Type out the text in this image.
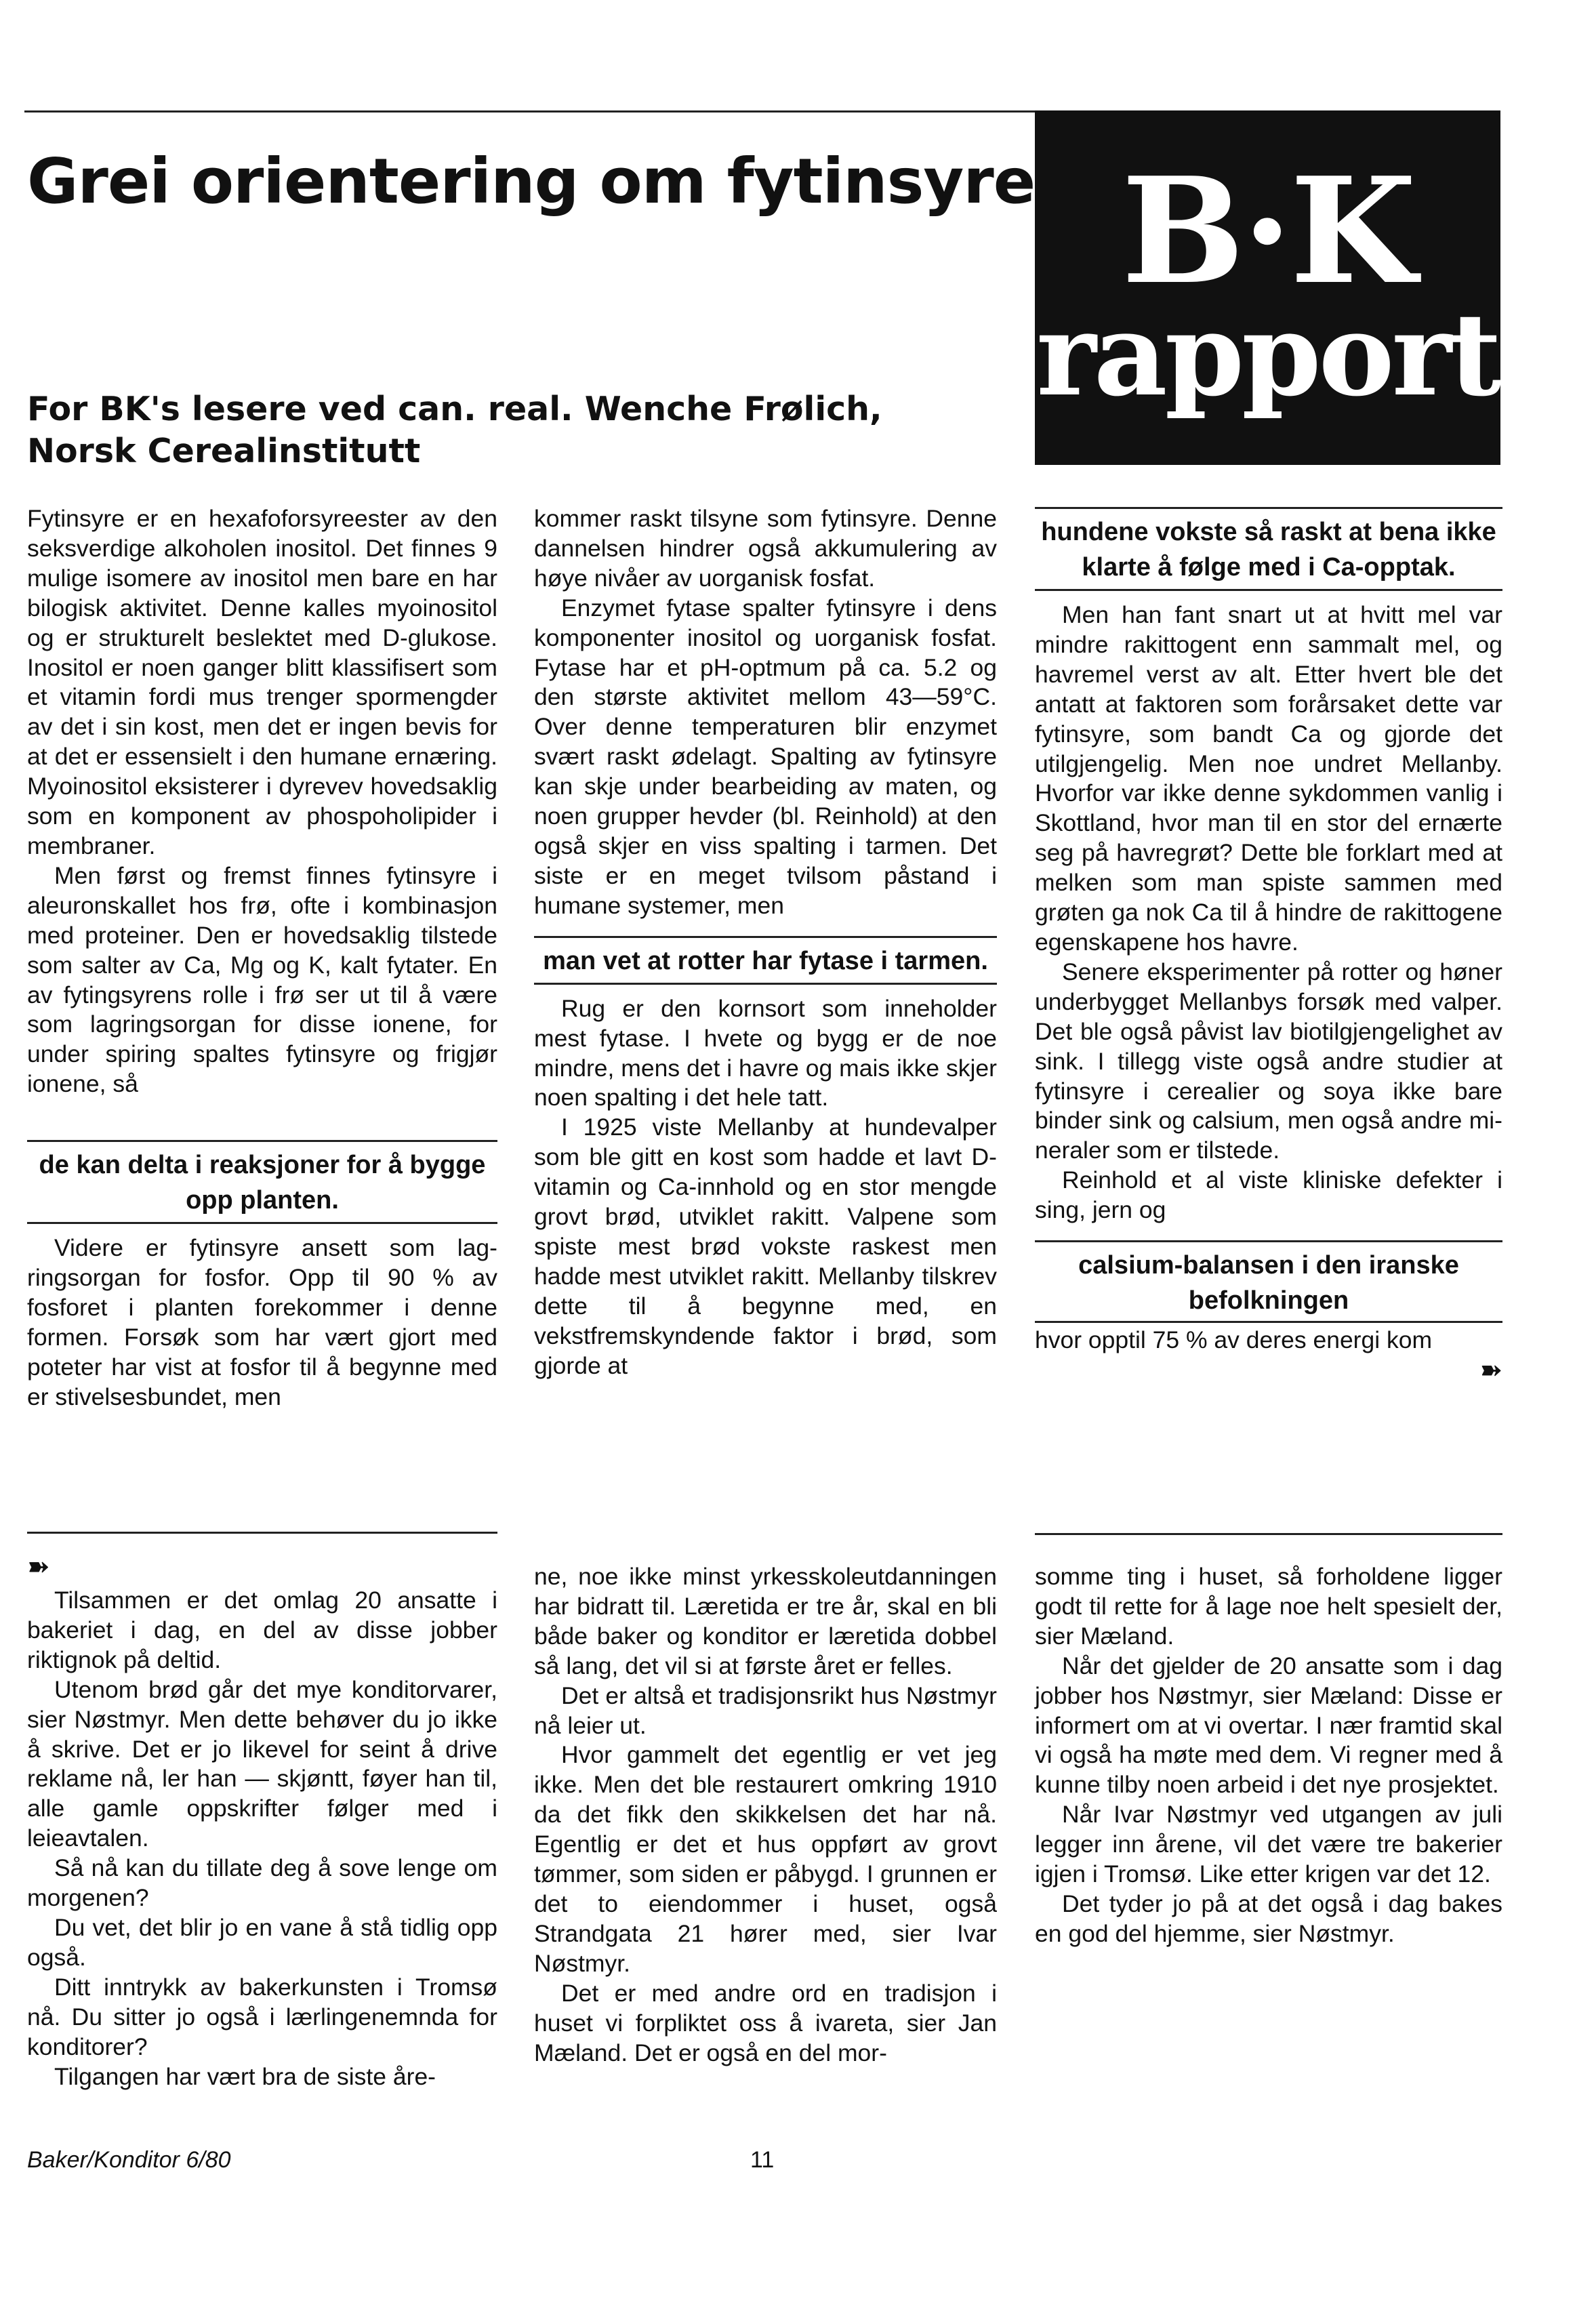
Grei orientering om fytinsyre
For BK's lesere ved can. real. Wenche Frølich,
Norsk Cerealinstitutt
B·K
rapport

Fytinsyre er en hexafoforsyreester av den seksverdige alkoholen inositol. Det finnes 9 mulige isomere av inositol men bare en har bilogisk aktivitet. Denne kalles myoinositol og er strukturelt beslektet med D-glukose. Inositol er noen ganger blitt klassifisert som et vitamin fordi mus trenger spormengder av det i sin kost, men det er ingen bevis for at det er essensielt i den humane ernæring. Myoinositol eksisterer i dyrevev hovedsaklig som en komponent av phospoholipider i membraner.

Men først og fremst finnes fytinsyre i aleuronskallet hos frø, ofte i kombinasjon med proteiner. Den er hovedsaklig tilstede som salter av Ca, Mg og K, kalt fytater. En av fytingsyrens rolle i frø ser ut til å være som lagringsorgan for disse ionene, for under spiring spaltes fytinsyre og frigjør ionene, så

de kan delta i reaksjoner for å bygge opp planten.

Videre er fytinsyre ansett som lagringsorgan for fosfor. Opp til 90 % av fosforet i planten forekommer i denne formen. Forsøk som har vært gjort med poteter har vist at fosfor til å begynne med er stivelsesbundet, men

kommer raskt tilsyne som fytinsyre. Denne dannelsen hindrer også akkumulering av høye nivåer av uorganisk fosfat.

Enzymet fytase spalter fytinsyre i dens komponenter inositol og uorganisk fosfat. Fytase har et pH-optmum på ca. 5.2 og den største aktivitet mellom 43—59°C. Over denne temperaturen blir enzymet svært raskt ødelagt. Spalting av fytinsyre kan skje under bearbeiding av maten, og noen grupper hevder (bl. Reinhold) at den også skjer en viss spalting i tarmen. Det siste er en meget tvilsom påstand i humane systemer, men

man vet at rotter har fytase i tarmen.

Rug er den kornsort som inneholder mest fytase. I hvete og bygg er de noe mindre, mens det i havre og mais ikke skjer noen spalting i det hele tatt.

I 1925 viste Mellanby at hundevalper som ble gitt en kost som hadde et lavt D-vitamin og Ca-innhold og en stor mengde grovt brød, utviklet rakitt. Valpene som spiste mest brød vokste raskest men hadde mest utviklet rakitt. Mellanby tilskrev dette til å begynne med, en vekstfremskyndende faktor i brød, som gjorde at

hundene vokste så raskt at bena ikke klarte å følge med i Ca-opptak.

Men han fant snart ut at hvitt mel var mindre rakittogent enn sammalt mel, og havremel verst av alt. Etter hvert ble det antatt at faktoren som forårsaket dette var fytinsyre, som bandt Ca og gjorde det utilgjengelig. Men noe undret Mellanby. Hvorfor var ikke denne sykdommen vanlig i Skottland, hvor man til en stor del ernærte seg på havregrøt? Dette ble forklart med at melken som man spiste sammen med grøten ga nok Ca til å hindre de rakittogene egenskapene hos havre.

Senere eksperimenter på rotter og høner underbygget Mellanbys forsøk med valper. Det ble også påvist lav biotilgjengelighet av sink. I tillegg viste også andre studier at fytinsyre i cerealier og soya ikke bare binder sink og calsium, men også andre mineraler som er tilstede.

Reinhold et al viste kliniske defekter i sing, jern og

calsium-balansen i den iranske befolkningen

hvor opptil 75 % av deres energi kom

➽
➽

Tilsammen er det omlag 20 ansatte i bakeriet i dag, en del av disse jobber riktignok på deltid.

Utenom brød går det mye konditorvarer, sier Nøstmyr. Men dette behøver du jo ikke å skrive. Det er jo likevel for seint å drive reklame nå, ler han — skjøntt, føyer han til, alle gamle oppskrifter følger med i leieavtalen.

Så nå kan du tillate deg å sove lenge om morgenen?

Du vet, det blir jo en vane å stå tidlig opp også.

Ditt inntrykk av bakerkunsten i Tromsø nå. Du sitter jo også i lærlingenemnda for konditorer?

Tilgangen har vært bra de siste åre-

ne, noe ikke minst yrkesskoleutdanningen har bidratt til. Læretida er tre år, skal en bli både baker og konditor er læretida dobbel så lang, det vil si at første året er felles.

Det er altså et tradisjonsrikt hus Nøstmyr nå leier ut.

Hvor gammelt det egentlig er vet jeg ikke. Men det ble restaurert omkring 1910 da det fikk den skikkelsen det har nå. Egentlig er det et hus oppført av grovt tømmer, som siden er påbygd. I grunnen er det to eiendommer i huset, også Strandgata 21 hører med, sier Ivar Nøstmyr.

Det er med andre ord en tradisjon i huset vi forpliktet oss å ivareta, sier Jan Mæland. Det er også en del mor-

somme ting i huset, så forholdene ligger godt til rette for å lage noe helt spesielt der, sier Mæland.

Når det gjelder de 20 ansatte som i dag jobber hos Nøstmyr, sier Mæland: Disse er informert om at vi overtar. I nær framtid skal vi også ha møte med dem. Vi regner med å kunne tilby noen arbeid i det nye prosjektet.

Når Ivar Nøstmyr ved utgangen av juli legger inn årene, vil det være tre bakerier igjen i Tromsø. Like etter krigen var det 12.

Det tyder jo på at det også i dag bakes en god del hjemme, sier Nøstmyr.

Baker/Konditor 6/80	11
